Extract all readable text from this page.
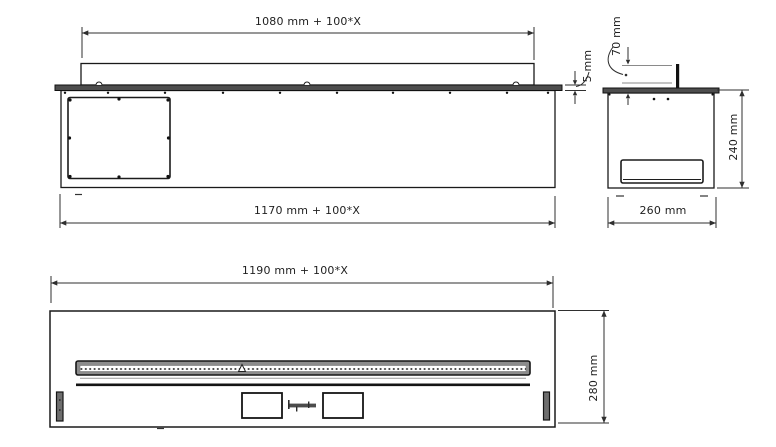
1080 mm + 100*X
1170 mm + 100*X
5 mm
70 mm
240 mm
260 mm
1190 mm + 100*X
280 mm
